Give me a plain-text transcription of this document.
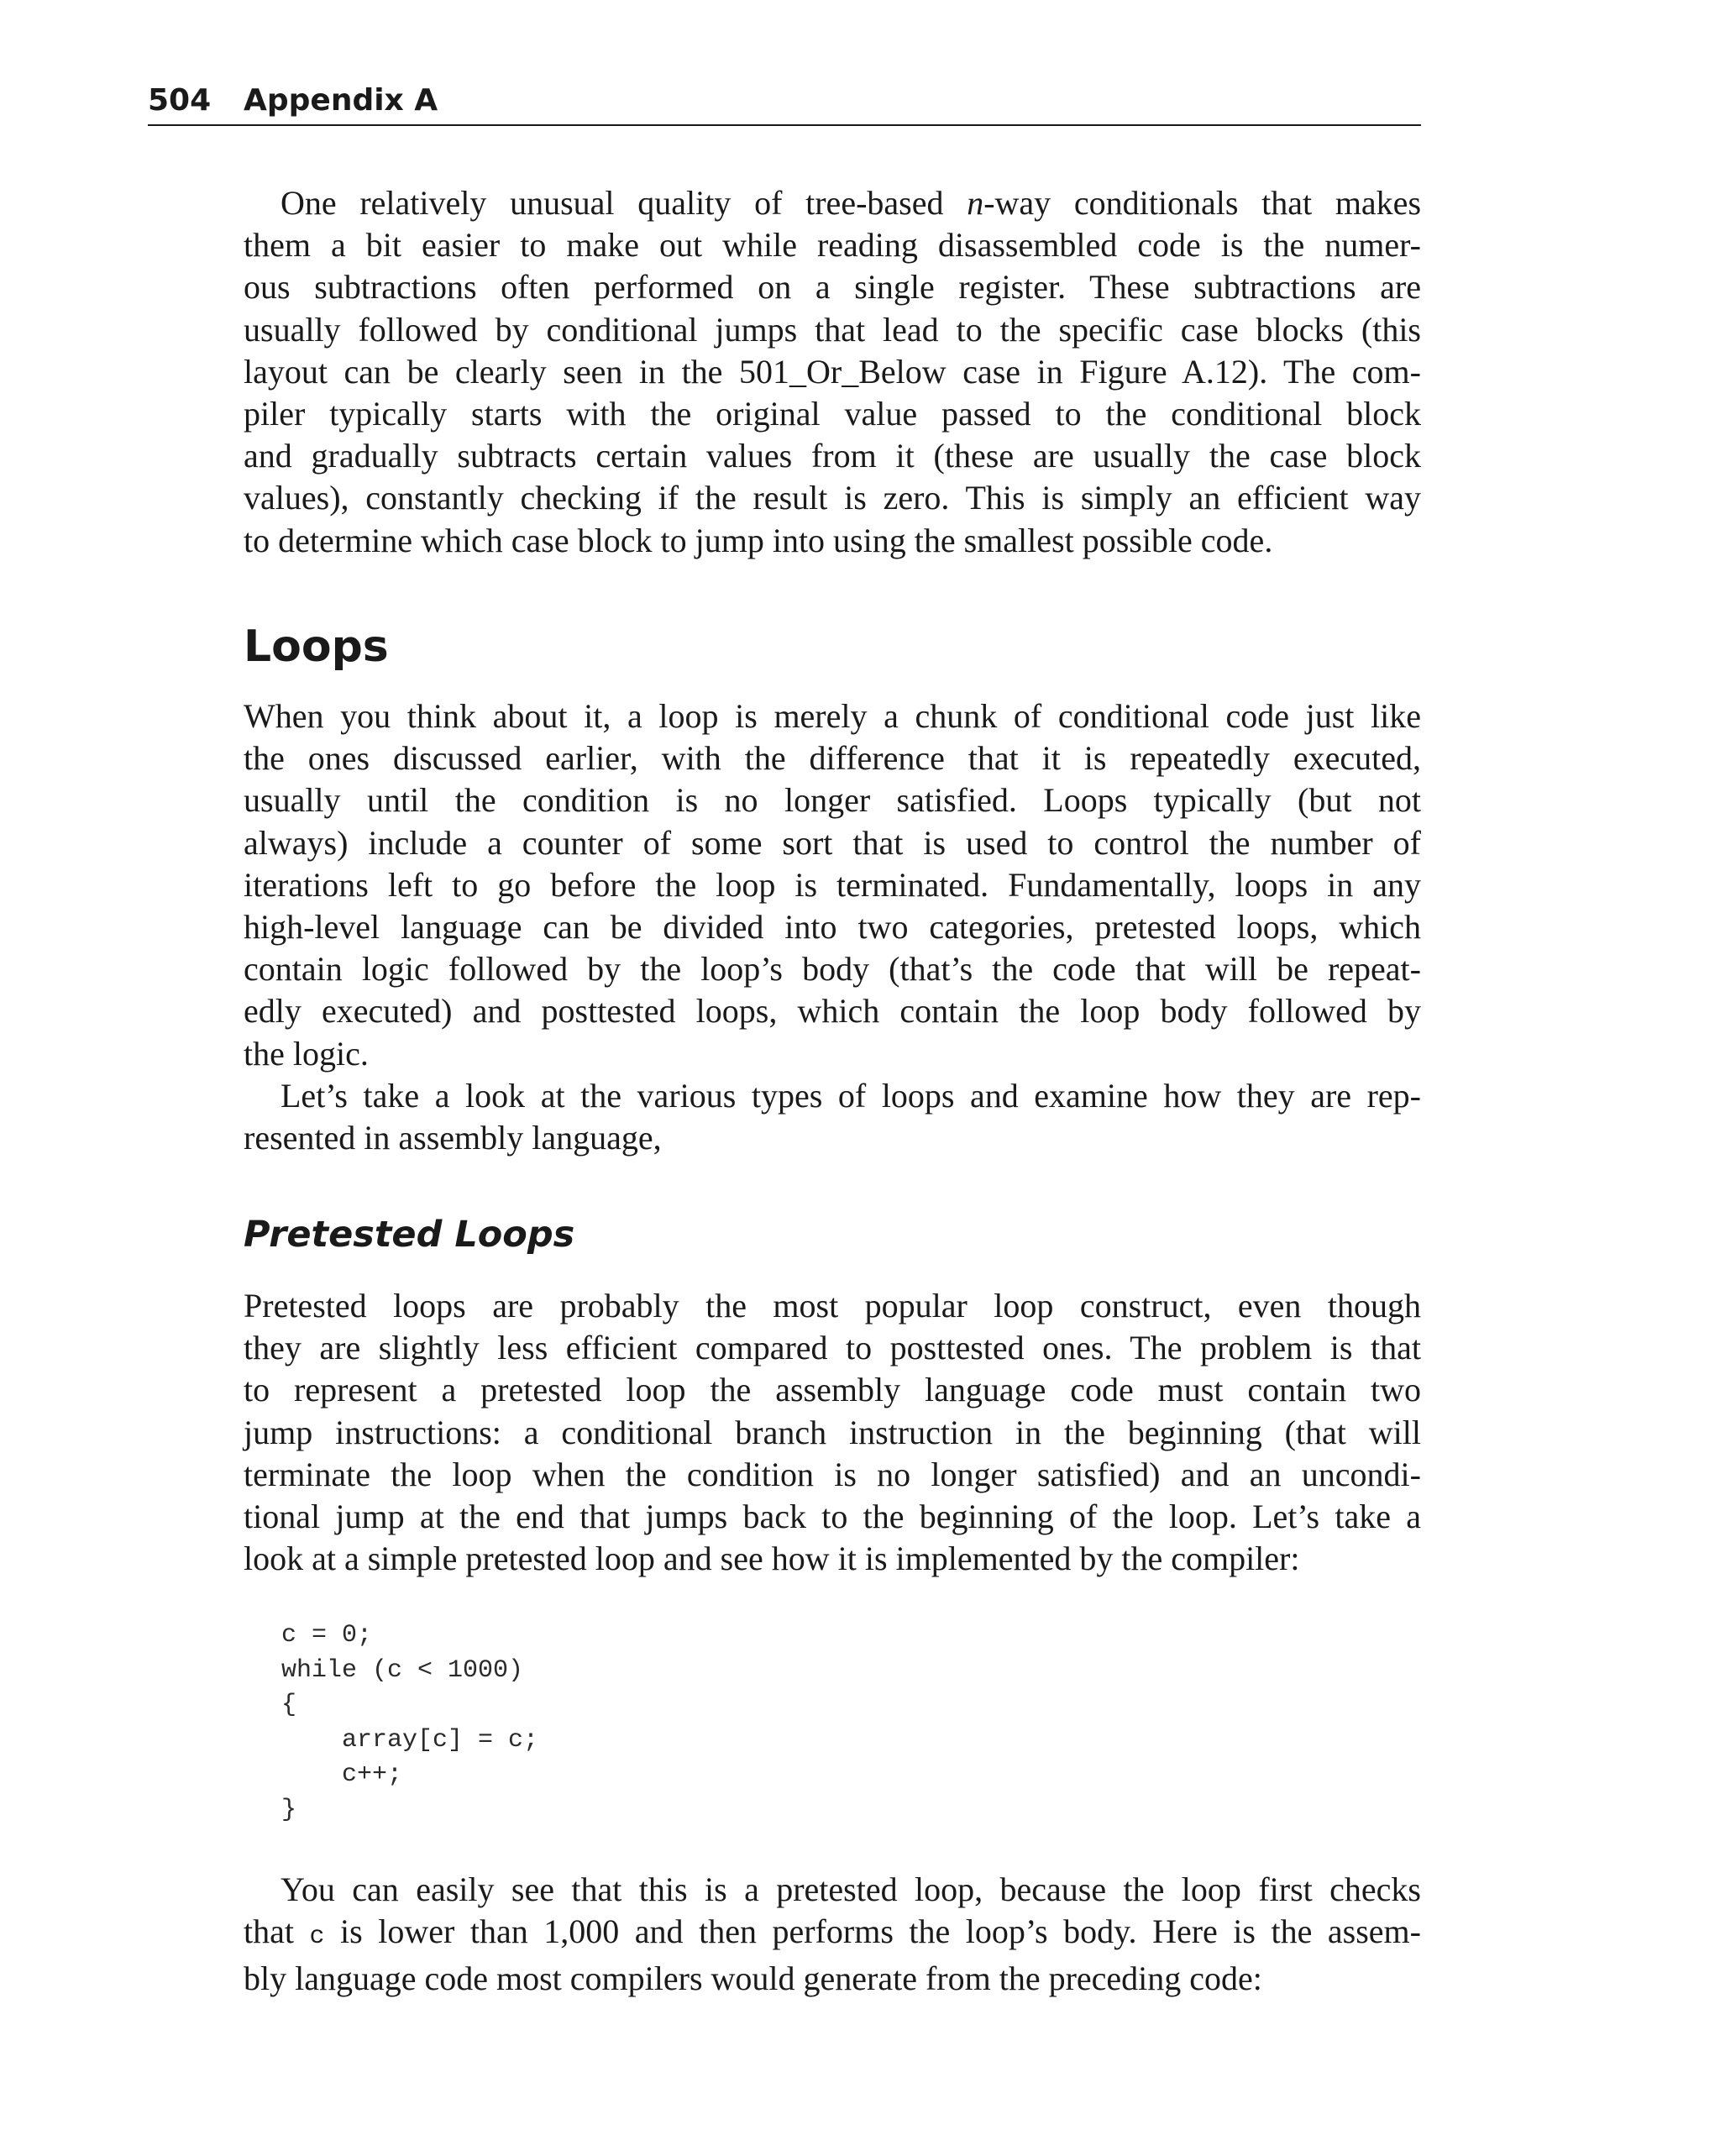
504 Appendix A
One relatively unusual quality of tree-based n-way conditionals that makes
them a bit easier to make out while reading disassembled code is the numer-
ous subtractions often performed on a single register. These subtractions are
usually followed by conditional jumps that lead to the specific case blocks (this
layout can be clearly seen in the 501_Or_Below case in Figure A.12). The com-
piler typically starts with the original value passed to the conditional block
and gradually subtracts certain values from it (these are usually the case block
values), constantly checking if the result is zero. This is simply an efficient way
to determine which case block to jump into using the smallest possible code.
Loops
When you think about it, a loop is merely a chunk of conditional code just like
the ones discussed earlier, with the difference that it is repeatedly executed,
usually until the condition is no longer satisfied. Loops typically (but not
always) include a counter of some sort that is used to control the number of
iterations left to go before the loop is terminated. Fundamentally, loops in any
high-level language can be divided into two categories, pretested loops, which
contain logic followed by the loop’s body (that’s the code that will be repeat-
edly executed) and posttested loops, which contain the loop body followed by
the logic.
Let’s take a look at the various types of loops and examine how they are rep-
resented in assembly language,
Pretested Loops
Pretested loops are probably the most popular loop construct, even though
they are slightly less efficient compared to posttested ones. The problem is that
to represent a pretested loop the assembly language code must contain two
jump instructions: a conditional branch instruction in the beginning (that will
terminate the loop when the condition is no longer satisfied) and an uncondi-
tional jump at the end that jumps back to the beginning of the loop. Let’s take a
look at a simple pretested loop and see how it is implemented by the compiler:
c = 0;
while (c < 1000)
{
array[c] = c;
c++;
}
You can easily see that this is a pretested loop, because the loop first checks
that c is lower than 1,000 and then performs the loop’s body. Here is the assem-
bly language code most compilers would generate from the preceding code:
